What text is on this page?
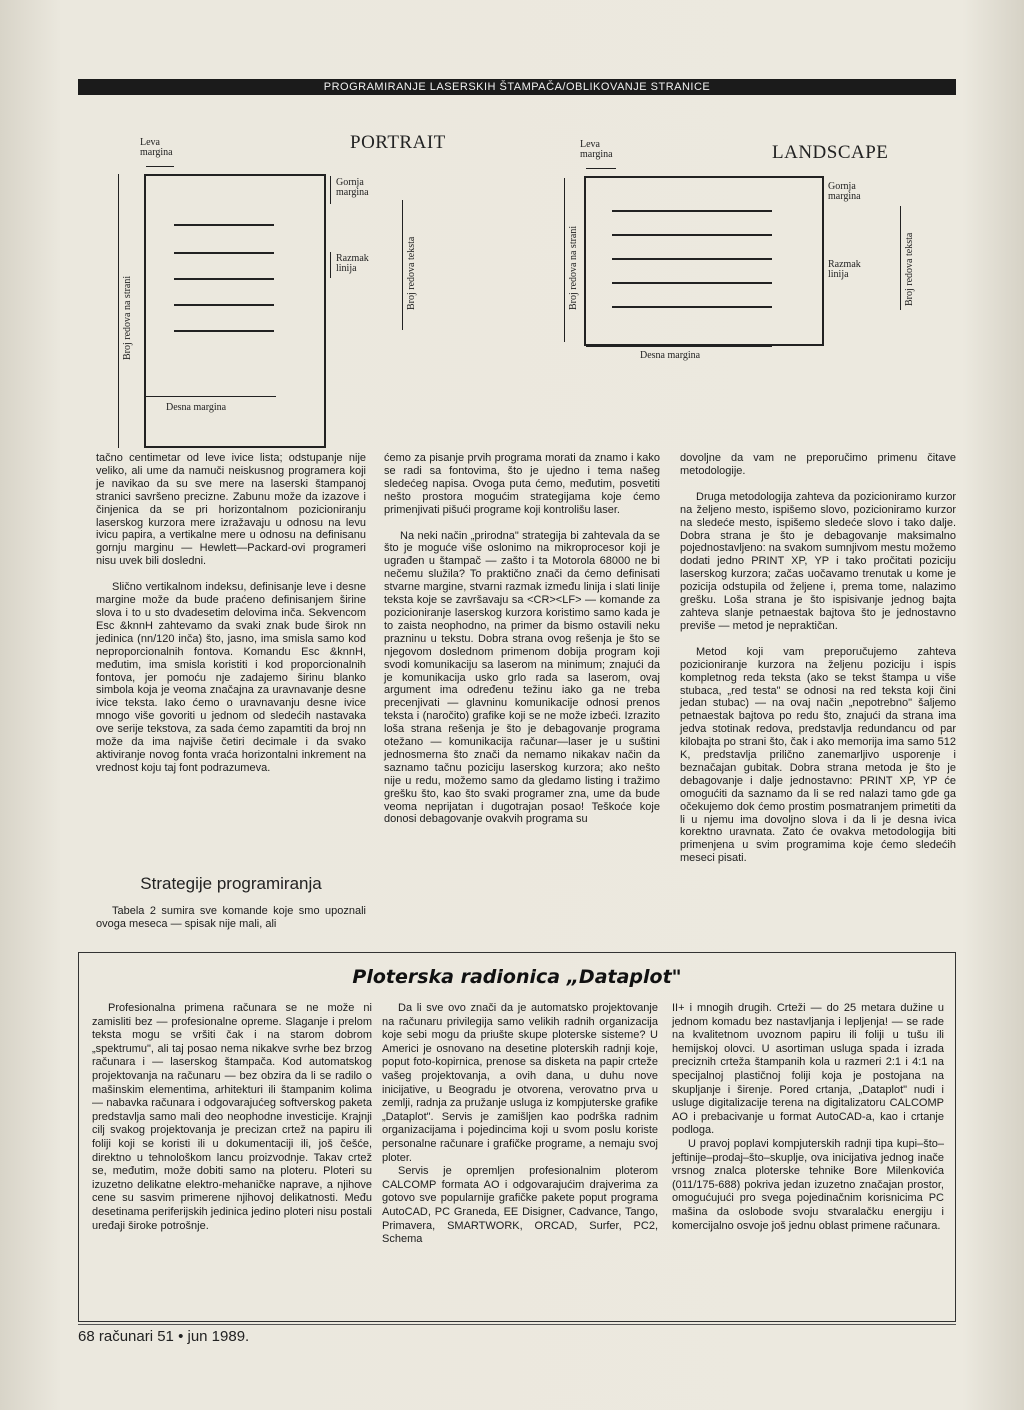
PROGRAMIRANJE LASERSKIH ŠTAMPAČA/OBLIKOVANJE STRANICE
Leva margina	PORTRAIT
Gornja margina
Razmak linija
Broj redova na strani
Broj redova teksta
Desna margina
Leva margina	LANDSCAPE
Gornja margina
Razmak linija
Broj redova na strani	Broj redova teksta
Desna margina

tačno centimetar od leve ivice lista; odstupanje nije veliko, ali ume da namuči neiskusnog programera koji je navikao da su sve mere na laserski štampanoj stranici savršeno precizne. Zabunu može da izazove i činjenica da se pri horizontalnom pozicioniranju laserskog kurzora mere izražavaju u odnosu na levu ivicu papira, a vertikalne mere u odnosu na definisanu gornju marginu — Hewlett—Packard-ovi programeri nisu uvek bili dosledni.

Slično vertikalnom indeksu, definisanje leve i desne margine može da bude praćeno definisanjem širine slova i to u sto dvadesetim delovima inča. Sekvencom Esc &knnH zahtevamo da svaki znak bude širok nn jedinica (nn/120 inča) što, jasno, ima smisla samo kod neproporcionalnih fontova. Komandu Esc &knnH, međutim, ima smisla koristiti i kod proporcionalnih fontova, jer pomoću nje zadajemo širinu blanko simbola koja je veoma značajna za uravnavanje desne ivice teksta. Iako ćemo o uravnavanju desne ivice mnogo više govoriti u jednom od sledećih nastavaka ove serije tekstova, za sada ćemo zapamtiti da broj nn može da ima najviše četiri decimale i da svako aktiviranje novog fonta vraća horizontalni inkrement na vrednost koju taj font podrazumeva.

Strategije programiranja

Tabela 2 sumira sve komande koje smo upoznali ovoga meseca — spisak nije mali, ali

ćemo za pisanje prvih programa morati da znamo i kako se radi sa fontovima, što je ujedno i tema našeg sledećeg napisa. Ovoga puta ćemo, međutim, posvetiti nešto prostora mogućim strategijama koje ćemo primenjivati pišući programe koji kontrolišu laser.

Na neki način „prirodna" strategija bi zahtevala da se što je moguće više oslonimo na mikroprocesor koji je ugrađen u štampač — zašto i ta Motorola 68000 ne bi nečemu služila? To praktično znači da ćemo definisati stvarne margine, stvarni razmak između linija i slati linije teksta koje se završavaju sa <CR><LF> — komande za pozicioniranje laserskog kurzora koristimo samo kada je to zaista neophodno, na primer da bismo ostavili neku prazninu u tekstu. Dobra strana ovog rešenja je što se njegovom doslednom primenom dobija program koji svodi komunikaciju sa laserom na minimum; znajući da je komunikacija usko grlo rada sa laserom, ovaj argument ima određenu težinu iako ga ne treba precenjivati — glavninu komunikacije odnosi prenos teksta i (naročito) grafike koji se ne može izbeći. Izrazito loša strana rešenja je što je debagovanje programa otežano — komunikacija računar—laser je u suštini jednosmerna što znači da nemamo nikakav način da saznamo tačnu poziciju laserskog kurzora; ako nešto nije u redu, možemo samo da gledamo listing i tražimo grešku što, kao što svaki programer zna, ume da bude veoma neprijatan i dugotrajan posao! Teškoće koje donosi debagovanje ovakvih programa su

dovoljne da vam ne preporučimo primenu čitave metodologije.

Druga metodologija zahteva da pozicioniramo kurzor na željeno mesto, ispišemo slovo, pozicioniramo kurzor na sledeće mesto, ispišemo sledeće slovo i tako dalje. Dobra strana je što je debagovanje maksimalno pojednostavljeno: na svakom sumnjivom mestu možemo dodati jedno PRINT XP, YP i tako pročitati poziciju laserskog kurzora; začas uočavamo trenutak u kome je pozicija odstupila od željene i, prema tome, nalazimo grešku. Loša strana je što ispisivanje jednog bajta zahteva slanje petnaestak bajtova što je jednostavno previše — metod je nepraktičan.

Metod koji vam preporučujemo zahteva pozicioniranje kurzora na željenu poziciju i ispis kompletnog reda teksta (ako se tekst štampa u više stubaca, „red testa" se odnosi na red teksta koji čini jedan stubac) — na ovaj način „nepotrebno" šaljemo petnaestak bajtova po redu što, znajući da strana ima jedva stotinak redova, predstavlja redundancu od par kilobajta po strani što, čak i ako memorija ima samo 512 K, predstavlja prilično zanemarljivo usporenje i beznačajan gubitak. Dobra strana metoda je što je debagovanje i dalje jednostavno: PRINT XP, YP će omogućiti da saznamo da li se red nalazi tamo gde ga očekujemo dok ćemo prostim posmatranjem primetiti da li u njemu ima dovoljno slova i da li je desna ivica korektno uravnata. Zato će ovakva metodologija biti primenjena u svim programima koje ćemo sledećih meseci pisati.

Ploterska radionica „Dataplot"

Profesionalna primena računara se ne može ni zamisliti bez — profesionalne opreme. Slaganje i prelom teksta mogu se vršiti čak i na starom dobrom „spektrumu", ali taj posao nema nikakve svrhe bez brzog računara i — laserskog štampača. Kod automatskog projektovanja na računaru — bez obzira da li se radilo o mašinskim elementima, arhitekturi ili štampanim kolima — nabavka računara i odgovarajućeg softverskog paketa predstavlja samo mali deo neophodne investicije. Krajnji cilj svakog projektovanja je precizan crtež na papiru ili foliji koji se koristi ili u dokumentaciji ili, još češće, direktno u tehnološkom lancu proizvodnje. Takav crtež se, međutim, može dobiti samo na ploteru. Ploteri su izuzetno delikatne elektro-mehaničke naprave, a njihove cene su sasvim primerene njihovoj delikatnosti. Među desetinama periferijskih jedinica jedino ploteri nisu postali uređaji široke potrošnje.

Da li sve ovo znači da je automatsko projektovanje na računaru privilegija samo velikih radnih organizacija koje sebi mogu da priušte skupe ploterske sisteme? U Americi je osnovano na desetine ploterskih radnji koje, poput foto-kopirnica, prenose sa disketa na papir crteže vašeg projektovanja, a ovih dana, u duhu nove inicijative, u Beogradu je otvorena, verovatno prva u zemlji, radnja za pružanje usluga iz kompjuterske grafike „Dataplot". Servis je zamišljen kao podrška radnim organizacijama i pojedincima koji u svom poslu koriste personalne računare i grafičke programe, a nemaju svoj ploter.

Servis je opremljen profesionalnim ploterom CALCOMP formata AO i odgovarajućim drajverima za gotovo sve popularnije grafičke pakete poput programa AutoCAD, PC Graneda, EE Disigner, Cadvance, Tango, Primavera, SMARTWORK, ORCAD, Surfer, PC2, Schema

II+ i mnogih drugih. Crteži — do 25 metara dužine u jednom komadu bez nastavljanja i lepljenja! — se rade na kvalitetnom uvoznom papiru ili foliji u tušu ili hemijskoj olovci. U asortiman usluga spada i izrada preciznih crteža štampanih kola u razmeri 2:1 i 4:1 na specijalnoj plastičnoj foliji koja je postojana na skupljanje i širenje. Pored crtanja, „Dataplot" nudi i usluge digitalizacije terena na digitalizatoru CALCOMP AO i prebacivanje u format AutoCAD-a, kao i crtanje podloga.

U pravoj poplavi kompjuterskih radnji tipa kupi–što–jeftinije–prodaj–što–skuplje, ova inicijativa jednog inače vrsnog znalca ploterske tehnike Bore Milenkovića (011/175-688) pokriva jedan izuzetno značajan prostor, omogućujući pro svega pojedinačnim korisnicima PC mašina da oslobode svoju stvaralačku energiju i komercijalno osvoje još jednu oblast primene računara.

68 računari 51 • jun 1989.
